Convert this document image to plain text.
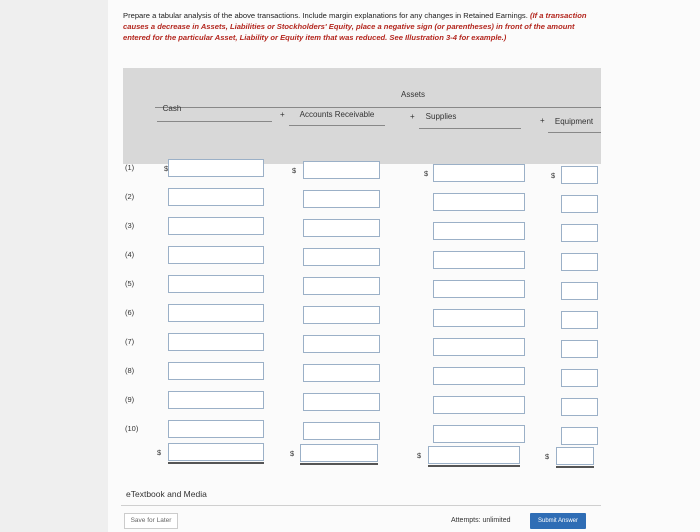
Prepare a tabular analysis of the above transactions. Include margin explanations for any changes in Retained Earnings. (If a transaction causes a decrease in Assets, Liabilities or Stockholders' Equity, place a negative sign (or parentheses) in front of the amount entered for the particular Asset, Liability or Equity item that was reduced. See Illustration 3-4 for example.)
Assets
Cash
+	Accounts Receivable	+	Supplies	+ Equipment
(1)	$	$	$	$
(2)
(3)
(4)
(5)
(6)
(7)
(8)
(9)
(10)
$	$	$	$
eTextbook and Media
Save for Later	Attempts: unlimited	Submit Answer
